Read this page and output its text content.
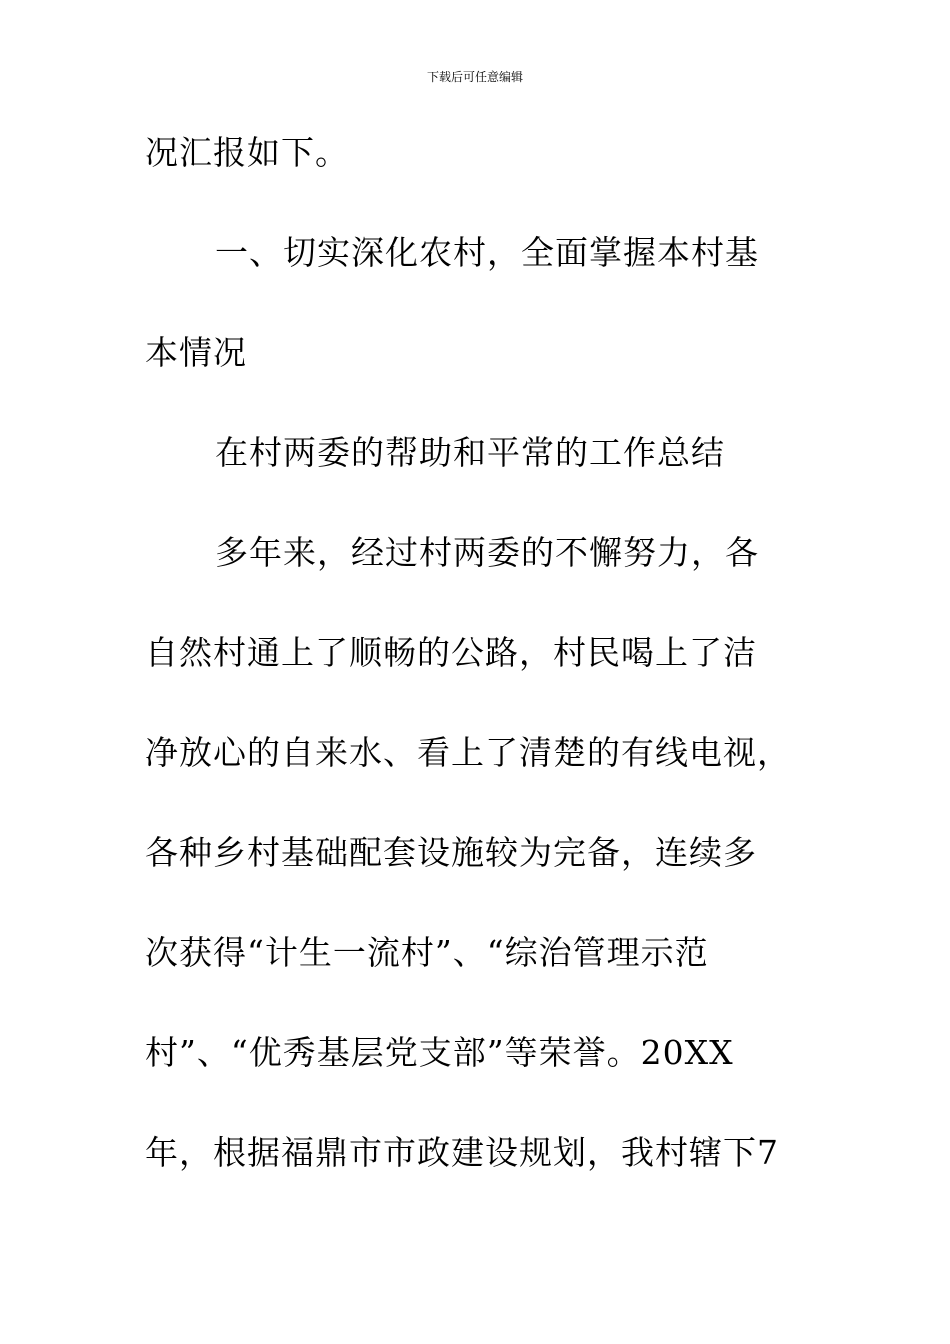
下载后可任意编辑
况汇报如下。
一、切实深化农村，全面掌握本村基
本情况
在村两委的帮助和平常的工作总结
多年来，经过村两委的不懈努力，各
自然村通上了顺畅的公路，村民喝上了洁
净放心的自来水、看上了清楚的有线电视，
各种乡村基础配套设施较为完备，连续多
次获得“计生一流村”、“综治管理示范
村”、“优秀基层党支部”等荣誉。20XX
年，根据福鼎市市政建设规划，我村辖下7
